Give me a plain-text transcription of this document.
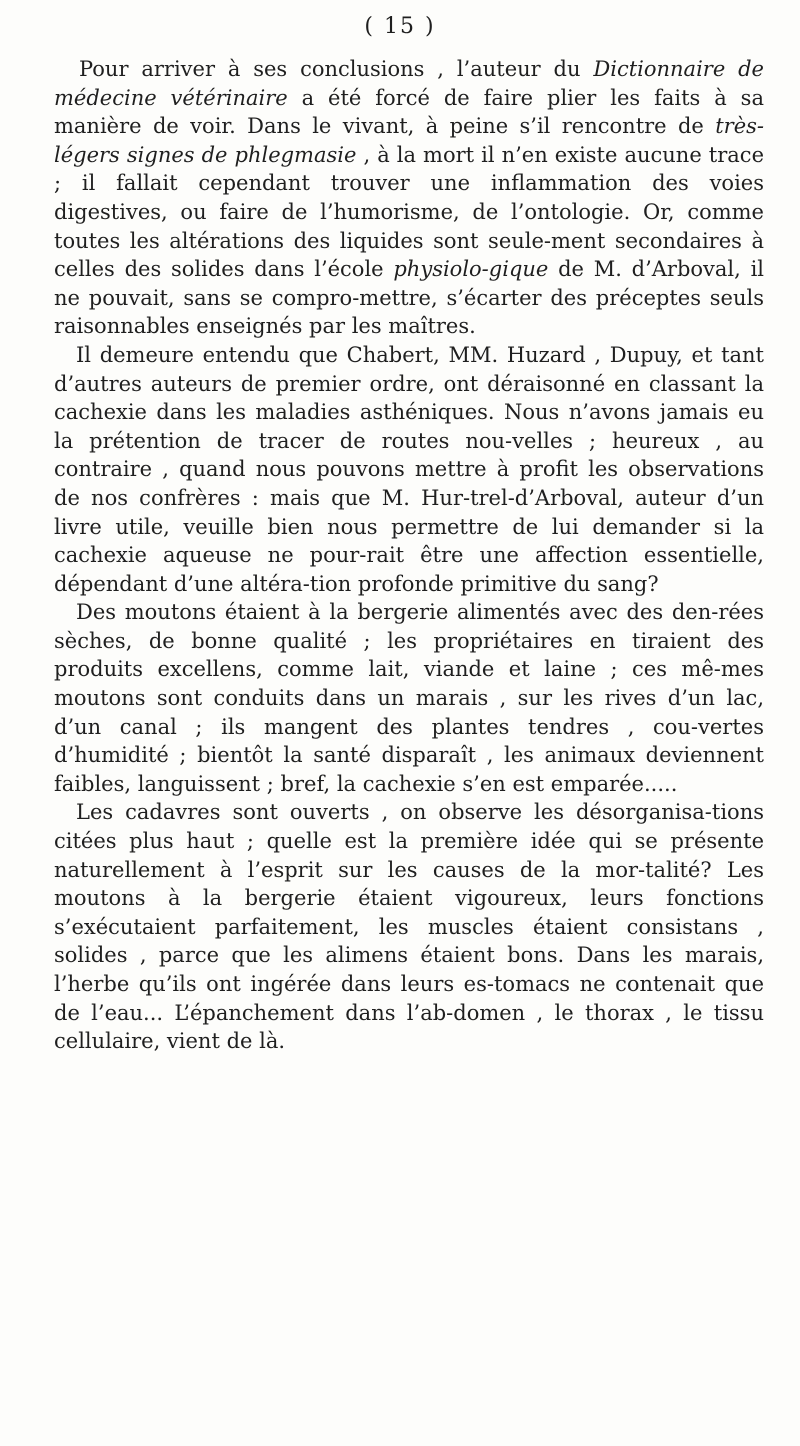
( 15 )

Pour arriver à ses conclusions , l’auteur du Dictionnaire de médecine vétérinaire a été forcé de faire plier les faits à sa manière de voir. Dans le vivant, à peine s’il rencontre de très-légers signes de phlegmasie , à la mort il n’en existe aucune trace ; il fallait cependant trouver une inflammation des voies digestives, ou faire de l’humorisme, de l’ontologie. Or, comme toutes les altérations des liquides sont seule-ment secondaires à celles des solides dans l’école physiolo-gique de M. d’Arboval, il ne pouvait, sans se compro-mettre, s’écarter des préceptes seuls raisonnables enseignés par les maîtres.

Il demeure entendu que Chabert, MM. Huzard , Dupuy, et tant d’autres auteurs de premier ordre, ont déraisonné en classant la cachexie dans les maladies asthéniques. Nous n’avons jamais eu la prétention de tracer de routes nou-velles ; heureux , au contraire , quand nous pouvons mettre à profit les observations de nos confrères : mais que M. Hur-trel-d’Arboval, auteur d’un livre utile, veuille bien nous permettre de lui demander si la cachexie aqueuse ne pour-rait être une affection essentielle, dépendant d’une altéra-tion profonde primitive du sang?

Des moutons étaient à la bergerie alimentés avec des den-rées sèches, de bonne qualité ; les propriétaires en tiraient des produits excellens, comme lait, viande et laine ; ces mê-mes moutons sont conduits dans un marais , sur les rives d’un lac, d’un canal ; ils mangent des plantes tendres , cou-vertes d’humidité ; bientôt la santé disparaît , les animaux deviennent faibles, languissent ; bref, la cachexie s’en est emparée.....

Les cadavres sont ouverts , on observe les désorganisa-tions citées plus haut ; quelle est la première idée qui se présente naturellement à l’esprit sur les causes de la mor-talité? Les moutons à la bergerie étaient vigoureux, leurs fonctions s’exécutaient parfaitement, les muscles étaient consistans , solides , parce que les alimens étaient bons. Dans les marais, l’herbe qu’ils ont ingérée dans leurs es-tomacs ne contenait que de l’eau... L’épanchement dans l’ab-domen , le thorax , le tissu cellulaire, vient de là.
